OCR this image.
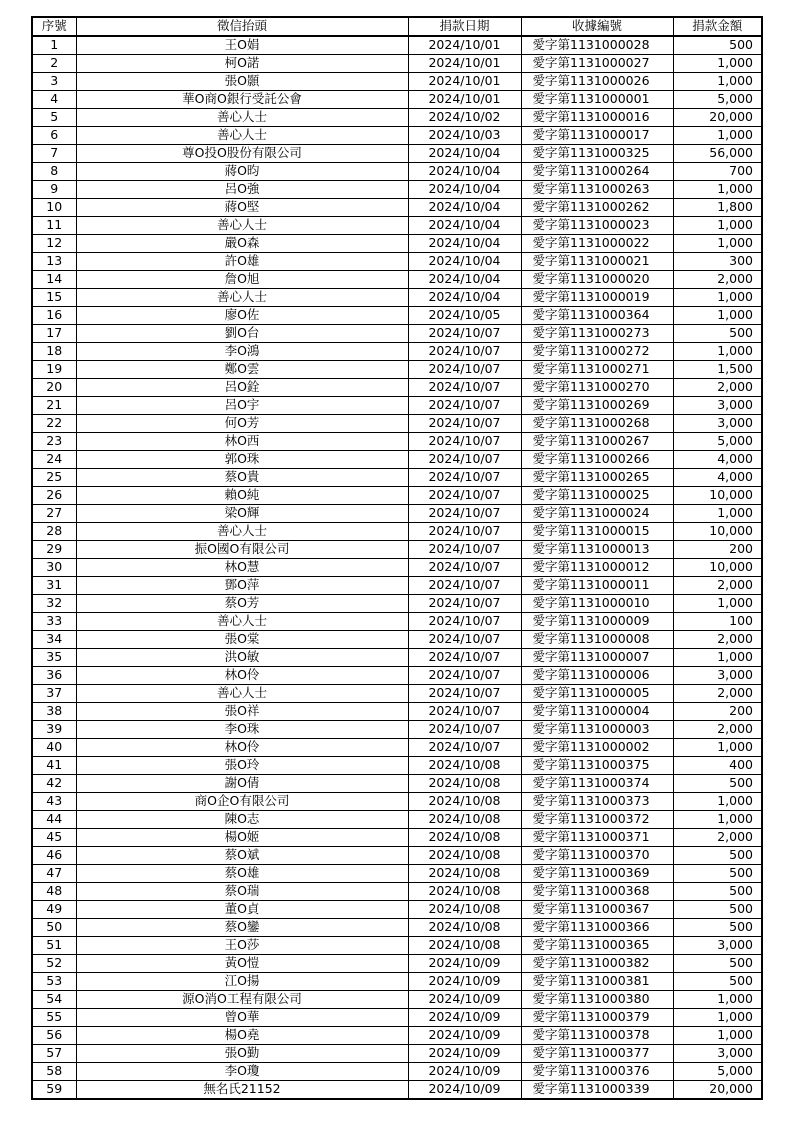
序號	徵信抬頭	捐款日期	收據編號	捐款金額
1	王O娟	2024/10/01	愛字第1131000028	500
2	柯O諾	2024/10/01	愛字第1131000027	1,000
3	張O顥	2024/10/01	愛字第1131000026	1,000
4	華O商O銀行受託公會	2024/10/01	愛字第1131000001	5,000
5	善心人士	2024/10/02	愛字第1131000016	20,000
6	善心人士	2024/10/03	愛字第1131000017	1,000
7	尊O投O股份有限公司	2024/10/04	愛字第1131000325	56,000
8	蔣O昀	2024/10/04	愛字第1131000264	700
9	呂O強	2024/10/04	愛字第1131000263	1,000
10	蔣O堅	2024/10/04	愛字第1131000262	1,800
11	善心人士	2024/10/04	愛字第1131000023	1,000
12	嚴O森	2024/10/04	愛字第1131000022	1,000
13	許O雄	2024/10/04	愛字第1131000021	300
14	詹O旭	2024/10/04	愛字第1131000020	2,000
15	善心人士	2024/10/04	愛字第1131000019	1,000
16	廖O佐	2024/10/05	愛字第1131000364	1,000
17	劉O台	2024/10/07	愛字第1131000273	500
18	李O鴻	2024/10/07	愛字第1131000272	1,000
19	鄭O雲	2024/10/07	愛字第1131000271	1,500
20	呂O銓	2024/10/07	愛字第1131000270	2,000
21	呂O宇	2024/10/07	愛字第1131000269	3,000
22	何O芳	2024/10/07	愛字第1131000268	3,000
23	林O西	2024/10/07	愛字第1131000267	5,000
24	郭O珠	2024/10/07	愛字第1131000266	4,000
25	蔡O貴	2024/10/07	愛字第1131000265	4,000
26	賴O純	2024/10/07	愛字第1131000025	10,000
27	梁O輝	2024/10/07	愛字第1131000024	1,000
28	善心人士	2024/10/07	愛字第1131000015	10,000
29	振O國O有限公司	2024/10/07	愛字第1131000013	200
30	林O慧	2024/10/07	愛字第1131000012	10,000
31	鄧O萍	2024/10/07	愛字第1131000011	2,000
32	蔡O芳	2024/10/07	愛字第1131000010	1,000
33	善心人士	2024/10/07	愛字第1131000009	100
34	張O棠	2024/10/07	愛字第1131000008	2,000
35	洪O敏	2024/10/07	愛字第1131000007	1,000
36	林O伶	2024/10/07	愛字第1131000006	3,000
37	善心人士	2024/10/07	愛字第1131000005	2,000
38	張O祥	2024/10/07	愛字第1131000004	200
39	李O珠	2024/10/07	愛字第1131000003	2,000
40	林O伶	2024/10/07	愛字第1131000002	1,000
41	張O玲	2024/10/08	愛字第1131000375	400
42	謝O倩	2024/10/08	愛字第1131000374	500
43	商O企O有限公司	2024/10/08	愛字第1131000373	1,000
44	陳O志	2024/10/08	愛字第1131000372	1,000
45	楊O姬	2024/10/08	愛字第1131000371	2,000
46	蔡O斌	2024/10/08	愛字第1131000370	500
47	蔡O雄	2024/10/08	愛字第1131000369	500
48	蔡O瑞	2024/10/08	愛字第1131000368	500
49	董O貞	2024/10/08	愛字第1131000367	500
50	蔡O鑾	2024/10/08	愛字第1131000366	500
51	王O莎	2024/10/08	愛字第1131000365	3,000
52	黃O愷	2024/10/09	愛字第1131000382	500
53	江O揚	2024/10/09	愛字第1131000381	500
54	源O消O工程有限公司	2024/10/09	愛字第1131000380	1,000
55	曾O華	2024/10/09	愛字第1131000379	1,000
56	楊O堯	2024/10/09	愛字第1131000378	1,000
57	張O勤	2024/10/09	愛字第1131000377	3,000
58	李O瓊	2024/10/09	愛字第1131000376	5,000
59	無名氏21152	2024/10/09	愛字第1131000339	20,000
